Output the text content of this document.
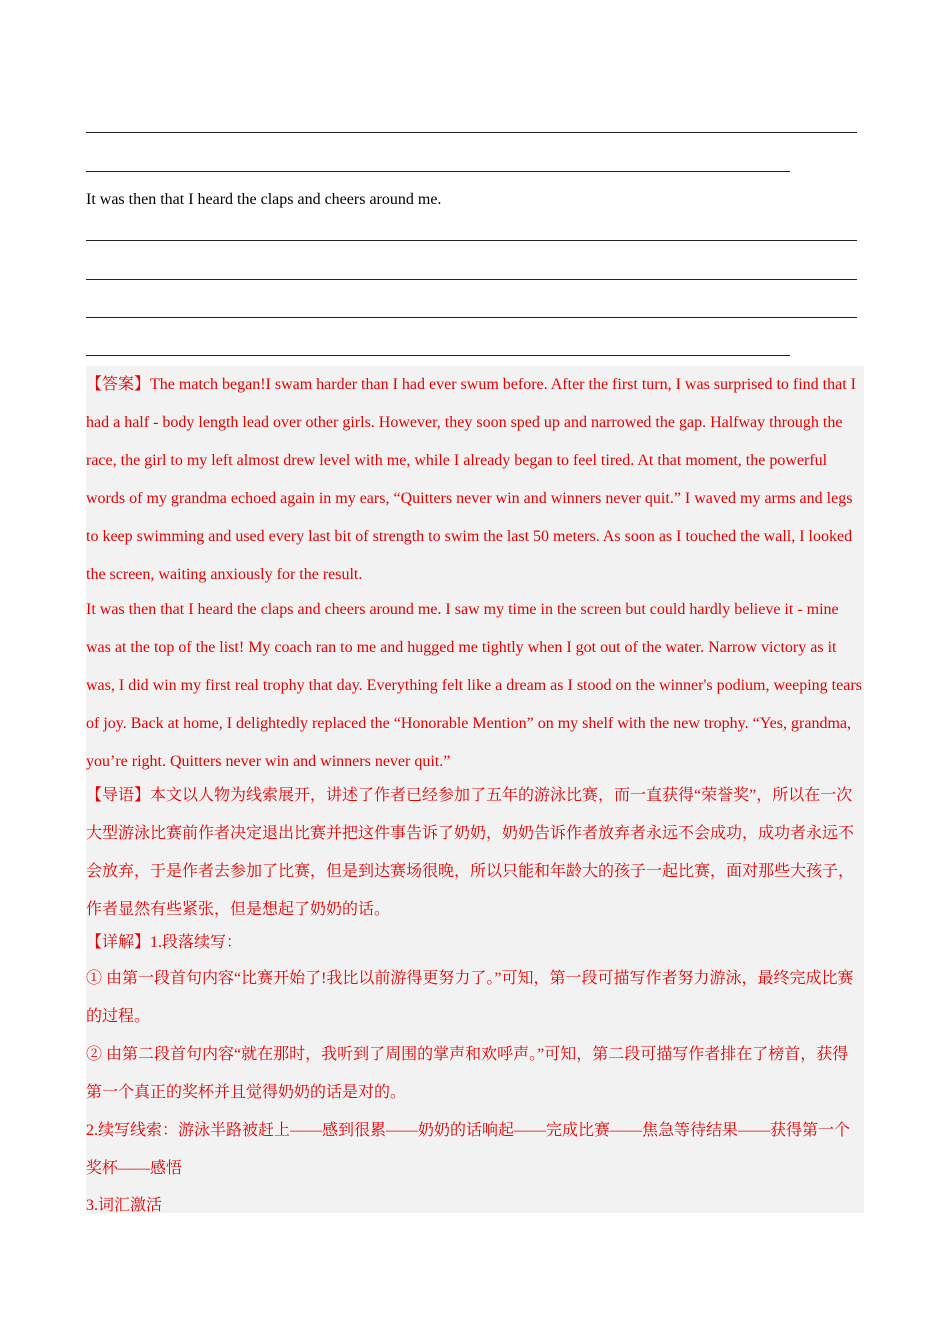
It was then that I heard the claps and cheers around me.

【答案】The match began!I swam harder than I had ever swum before. After the first turn, I was surprised to find that I had a half - body length lead over other girls. However, they soon sped up and narrowed the gap. Halfway through the race, the girl to my left almost drew level with me, while I already began to feel tired. At that moment, the powerful words of my grandma echoed again in my ears, “Quitters never win and winners never quit.” I waved my arms and legs to keep swimming and used every last bit of strength to swim the last 50 meters. As soon as I touched the wall, I looked the screen, waiting anxiously for the result.

It was then that I heard the claps and cheers around me. I saw my time in the screen but could hardly believe it - mine was at the top of the list! My coach ran to me and hugged me tightly when I got out of the water. Narrow victory as it was, I did win my first real trophy that day. Everything felt like a dream as I stood on the winner's podium, weeping tears of joy. Back at home, I delightedly replaced the “Honorable Mention” on my shelf with the new trophy. “Yes, grandma, you’re right. Quitters never win and winners never quit.”

【导语】本文以人物为线索展开，讲述了作者已经参加了五年的游泳比赛，而一直获得“荣誉奖”，所以在一次大型游泳比赛前作者决定退出比赛并把这件事告诉了奶奶，奶奶告诉作者放弃者永远不会成功，成功者永远不会放弃，于是作者去参加了比赛，但是到达赛场很晚，所以只能和年龄大的孩子一起比赛，面对那些大孩子，作者显然有些紧张，但是想起了奶奶的话。

【详解】1.段落续写：

① 由第一段首句内容“比赛开始了!我比以前游得更努力了。”可知，第一段可描写作者努力游泳，最终完成比赛的过程。

② 由第二段首句内容“就在那时，我听到了周围的掌声和欢呼声。”可知，第二段可描写作者排在了榜首，获得第一个真正的奖杯并且觉得奶奶的话是对的。

2.续写线索：游泳半路被赶上——感到很累——奶奶的话响起——完成比赛——焦急等待结果——获得第一个奖杯——感悟

3.词汇激活
